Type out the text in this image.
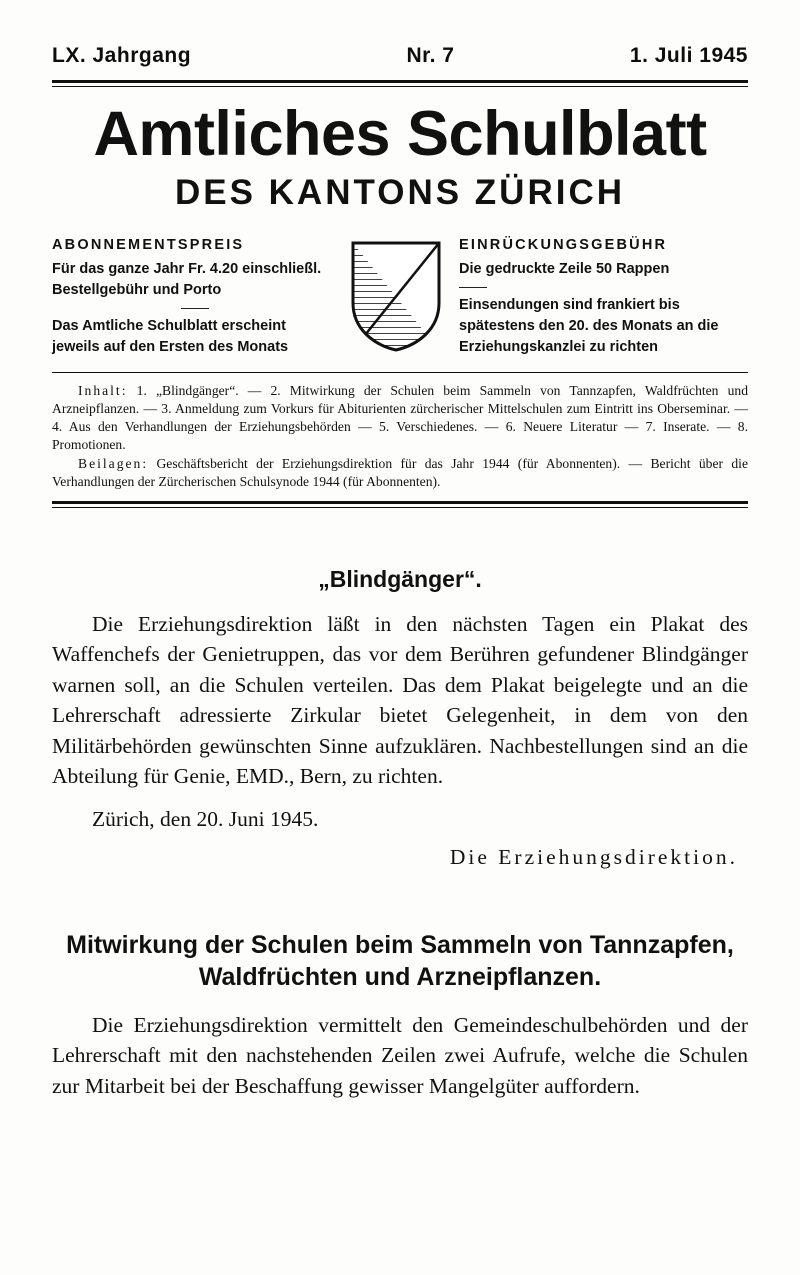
LX. Jahrgang	Nr. 7	1. Juli 1945
Amtliches Schulblatt
DES KANTONS ZÜRICH
ABONNEMENTSPREIS
Für das ganze Jahr Fr. 4.20 einschließl. Bestellgebühr und Porto
Das Amtliche Schulblatt erscheint jeweils auf den Ersten des Monats
EINRÜCKUNGSGEBÜHR
Die gedruckte Zeile 50 Rappen
Einsendungen sind frankiert bis spätestens den 20. des Monats an die Erziehungskanzlei zu richten

Inhalt: 1. „Blindgänger“. — 2. Mitwirkung der Schulen beim Sammeln von Tannzapfen, Waldfrüchten und Arzneipflanzen. — 3. Anmeldung zum Vorkurs für Abiturienten zürcherischer Mittelschulen zum Eintritt ins Oberseminar. — 4. Aus den Verhandlungen der Erziehungsbehörden — 5. Verschiedenes. — 6. Neuere Literatur — 7. Inserate. — 8. Promotionen.

Beilagen: Geschäftsbericht der Erziehungsdirektion für das Jahr 1944 (für Abonnenten). — Bericht über die Verhandlungen der Zürcherischen Schulsynode 1944 (für Abonnenten).

„Blindgänger“.

Die Erziehungsdirektion läßt in den nächsten Tagen ein Plakat des Waffenchefs der Genietruppen, das vor dem Berühren gefundener Blindgänger warnen soll, an die Schulen verteilen. Das dem Plakat beigelegte und an die Lehrerschaft adressierte Zirkular bietet Gelegenheit, in dem von den Militärbehörden gewünschten Sinne aufzuklären. Nachbestellungen sind an die Abteilung für Genie, EMD., Bern, zu richten.

Zürich, den 20. Juni 1945.
Die Erziehungsdirektion.
Mitwirkung der Schulen beim Sammeln von Tannzapfen, Waldfrüchten und Arzneipflanzen.

Die Erziehungsdirektion vermittelt den Gemeindeschulbehörden und der Lehrerschaft mit den nachstehenden Zeilen zwei Aufrufe, welche die Schulen zur Mitarbeit bei der Beschaffung gewisser Mangelgüter auffordern.
